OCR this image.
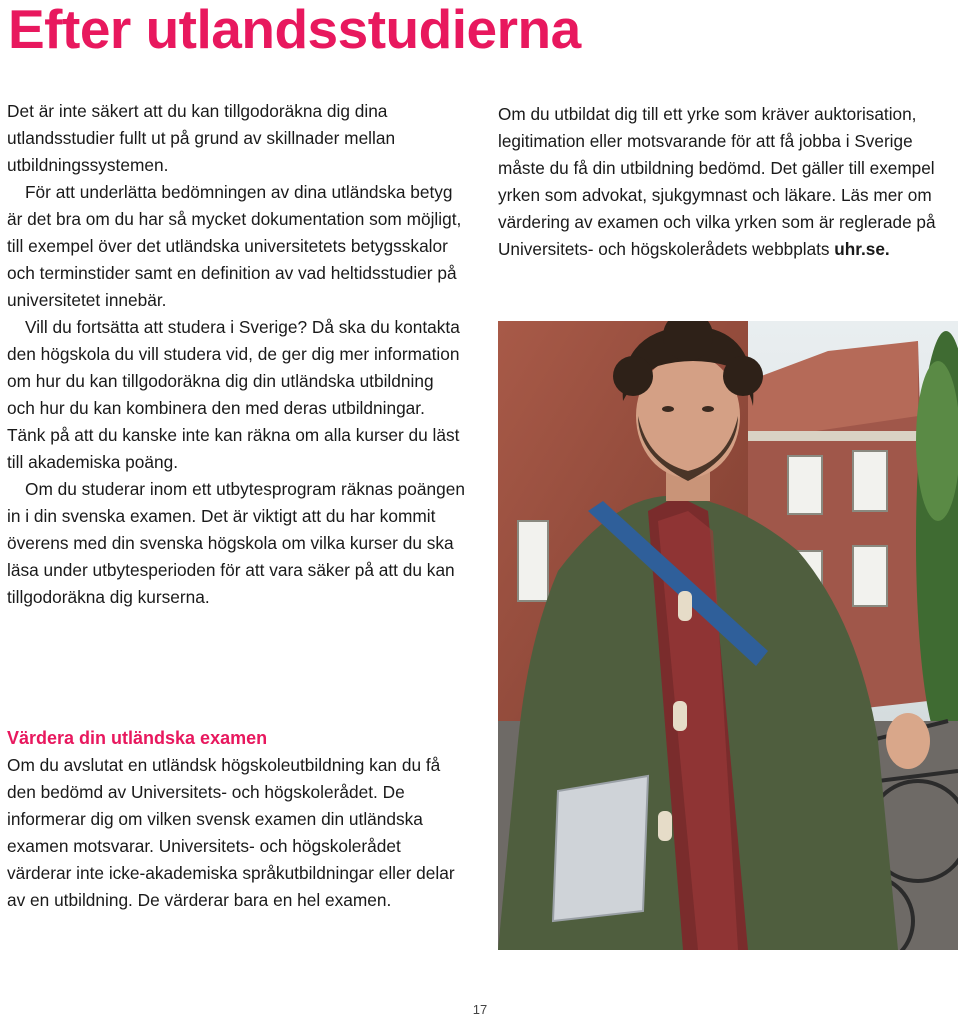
Efter utlandsstudierna

Det är inte säkert att du kan tillgodoräkna dig dina utlandsstudier fullt ut på grund av skillnader mellan utbildningssystemen.

För att underlätta bedömningen av dina utländska betyg är det bra om du har så mycket dokumentation som möjligt, till exempel över det utländska universitetets betygsskalor och terminstider samt en definition av vad heltidsstudier på universitetet innebär.

Vill du fortsätta att studera i Sverige? Då ska du kontakta den högskola du vill studera vid, de ger dig mer information om hur du kan tillgodoräkna dig din utländska utbildning och hur du kan kombinera den med deras utbildningar. Tänk på att du kanske inte kan räkna om alla kurser du läst till akademiska poäng.

Om du studerar inom ett utbytesprogram räknas poängen in i din svenska examen. Det är viktigt att du har kommit överens med din svenska högskola om vilka kurser du ska läsa under utbytesperioden för att vara säker på att du kan tillgodoräkna dig kurserna.

Värdera din utländska examen

Om du avslutat en utländsk högskoleutbildning kan du få den bedömd av Universitets- och högskolerådet. De informerar dig om vilken svensk examen din utländska examen motsvarar. Universitets- och högskolerådet värderar inte icke-akademiska språkutbildningar eller delar av en utbildning. De värderar bara en hel examen.

Om du utbildat dig till ett yrke som kräver auktorisation, legitimation eller motsvarande för att få jobba i Sverige måste du få din utbildning bedömd. Det gäller till exempel yrken som advokat, sjukgymnast och läkare. Läs mer om värdering av examen och vilka yrken som är reglerade på Universitets- och högskolerådets webbplats uhr.se.

17
